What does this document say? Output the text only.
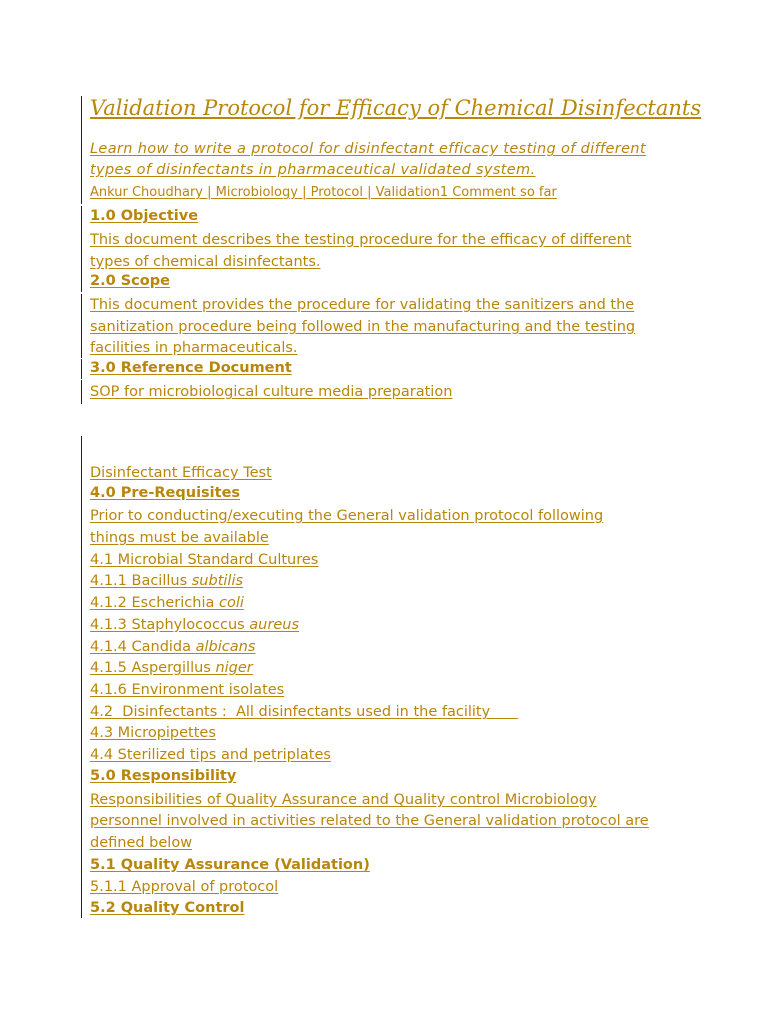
Validation Protocol for Efficacy of Chemical Disinfectants
Learn how to write a protocol for disinfectant efficacy testing of different
types of disinfectants in pharmaceutical validated system.
Ankur Choudhary | Microbiology | Protocol | Validation1 Comment so far
1.0 Objective
This document describes the testing procedure for the efficacy of different
types of chemical disinfectants.
2.0 Scope
This document provides the procedure for validating the sanitizers and the
sanitization procedure being followed in the manufacturing and the testing
facilities in pharmaceuticals.
3.0 Reference Document
SOP for microbiological culture media preparation
Disinfectant Efficacy Test
4.0 Pre-Requisites
Prior to conducting/executing the General validation protocol following
things must be available
4.1 Microbial Standard Cultures
4.1.1 Bacillus subtilis
4.1.2 Escherichia coli
4.1.3 Staphylococcus aureus
4.1.4 Candida albicans
4.1.5 Aspergillus niger
4.1.6 Environment isolates
4.2  Disinfectants :  All disinfectants used in the facility
4.3 Micropipettes
4.4 Sterilized tips and petriplates
5.0 Responsibility
Responsibilities of Quality Assurance and Quality control Microbiology
personnel involved in activities related to the General validation protocol are
defined below
5.1 Quality Assurance (Validation)
5.1.1 Approval of protocol
5.2 Quality Control
